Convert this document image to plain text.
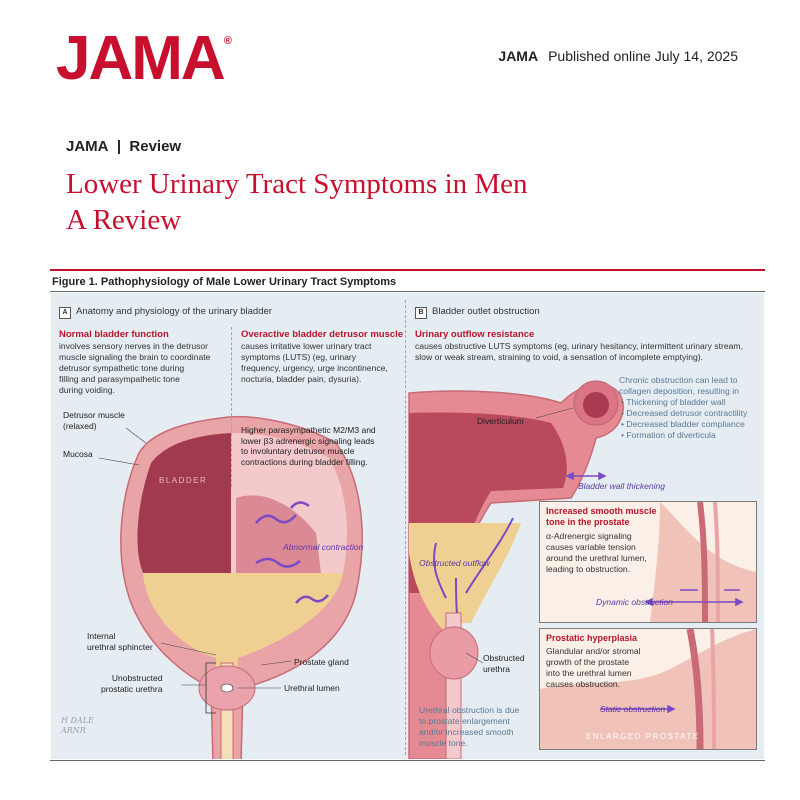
JAMA®
JAMA Published online July 14, 2025
JAMA | Review
Lower Urinary Tract Symptoms in Men
A Review
Figure 1. Pathophysiology of Male Lower Urinary Tract Symptoms
A Anatomy and physiology of the urinary bladder
Normal bladder function
involves sensory nerves in the detrusor
muscle signaling the brain to coordinate
detrusor sympathetic tone during
filling and parasympathetic tone
during voiding.
Overactive bladder detrusor muscle
causes irritative lower urinary tract
symptoms (LUTS) (eg, urinary
frequency, urgency, urge incontinence,
nocturia, bladder pain, dysuria).
Higher parasympathetic M2/M3 and
lower β3 adrenergic signaling leads
to involuntary detrusor muscle
contractions during bladder filling.
Detrusor muscle
(relaxed)
Mucosa
BLADDER
Abnormal contraction
Internal
urethral sphincter
Unobstructed
prostatic urethra
Prostate gland
Urethral lumen
H DALE
ARNR
B Bladder outlet obstruction
Urinary outflow resistance
causes obstructive LUTS symptoms (eg, urinary hesitancy, intermittent urinary stream,
slow or weak stream, straining to void, a sensation of incomplete emptying).
Chronic obstruction can lead to
collagen deposition, resulting in
• Thickening of bladder wall
• Decreased detrusor contractility
• Decreased bladder compliance
• Formation of diverticula
Diverticulum
Bladder wall thickening
Obstructed outflow
Obstructed
urethra
Urethral obstruction is due
to prostate enlargement
and/or increased smooth
muscle tone.
Increased smooth muscle
tone in the prostate
α-Adrenergic signaling
causes variable tension
around the urethral lumen,
leading to obstruction.
Dynamic obstruction
Prostatic hyperplasia
Glandular and/or stromal
growth of the prostate
into the urethral lumen
causes obstruction.
Static obstruction
ENLARGED PROSTATE
